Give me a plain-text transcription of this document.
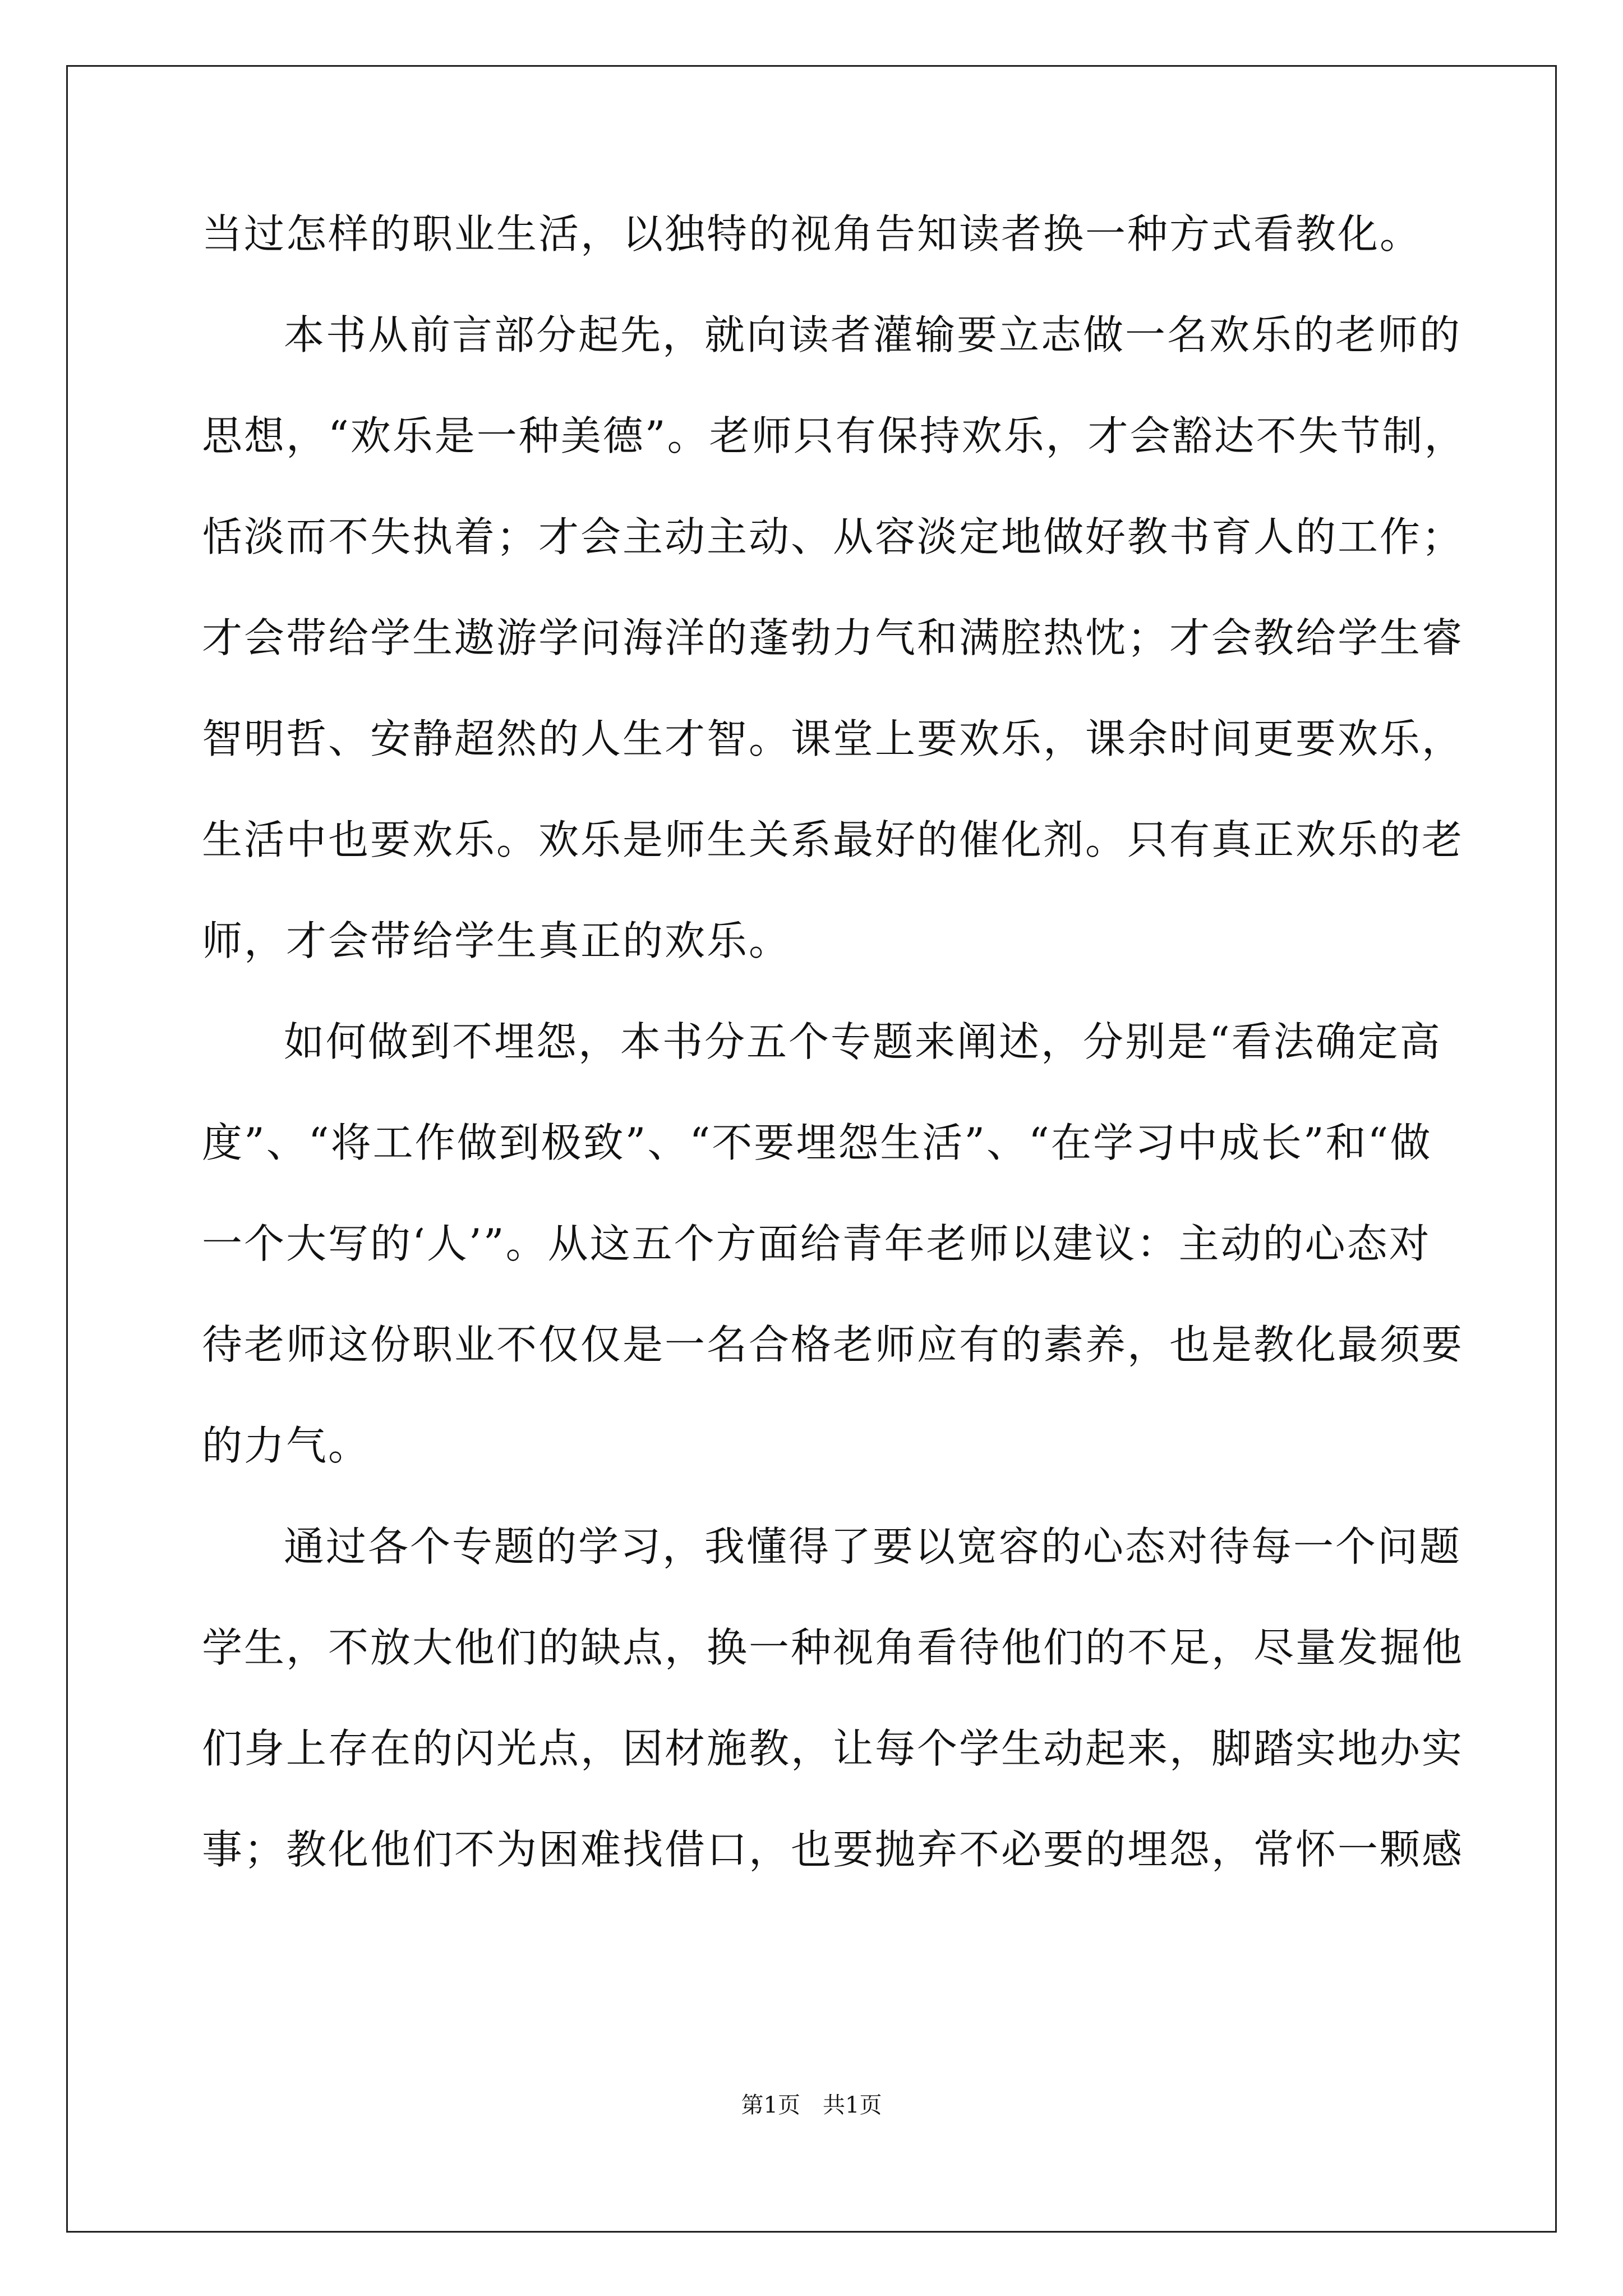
当过怎样的职业生活，以独特的视角告知读者换一种方式看教化。
本书从前言部分起先，就向读者灌输要立志做一名欢乐的老师的
思想，“欢乐是一种美德”。老师只有保持欢乐，才会豁达不失节制，
恬淡而不失执着；才会主动主动、从容淡定地做好教书育人的工作；
才会带给学生遨游学问海洋的蓬勃力气和满腔热忱；才会教给学生睿
智明哲、安静超然的人生才智。课堂上要欢乐，课余时间更要欢乐，
生活中也要欢乐。欢乐是师生关系最好的催化剂。只有真正欢乐的老
师，才会带给学生真正的欢乐。
如何做到不埋怨，本书分五个专题来阐述，分别是“看法确定高
度”、“将工作做到极致”、“不要埋怨生活”、“在学习中成长”和“做
一个大写的‘人’”。从这五个方面给青年老师以建议：主动的心态对
待老师这份职业不仅仅是一名合格老师应有的素养，也是教化最须要
的力气。
通过各个专题的学习，我懂得了要以宽容的心态对待每一个问题
学生，不放大他们的缺点，换一种视角看待他们的不足，尽量发掘他
们身上存在的闪光点，因材施教，让每个学生动起来，脚踏实地办实
事；教化他们不为困难找借口，也要抛弃不必要的埋怨，常怀一颗感
第1页　共1页
